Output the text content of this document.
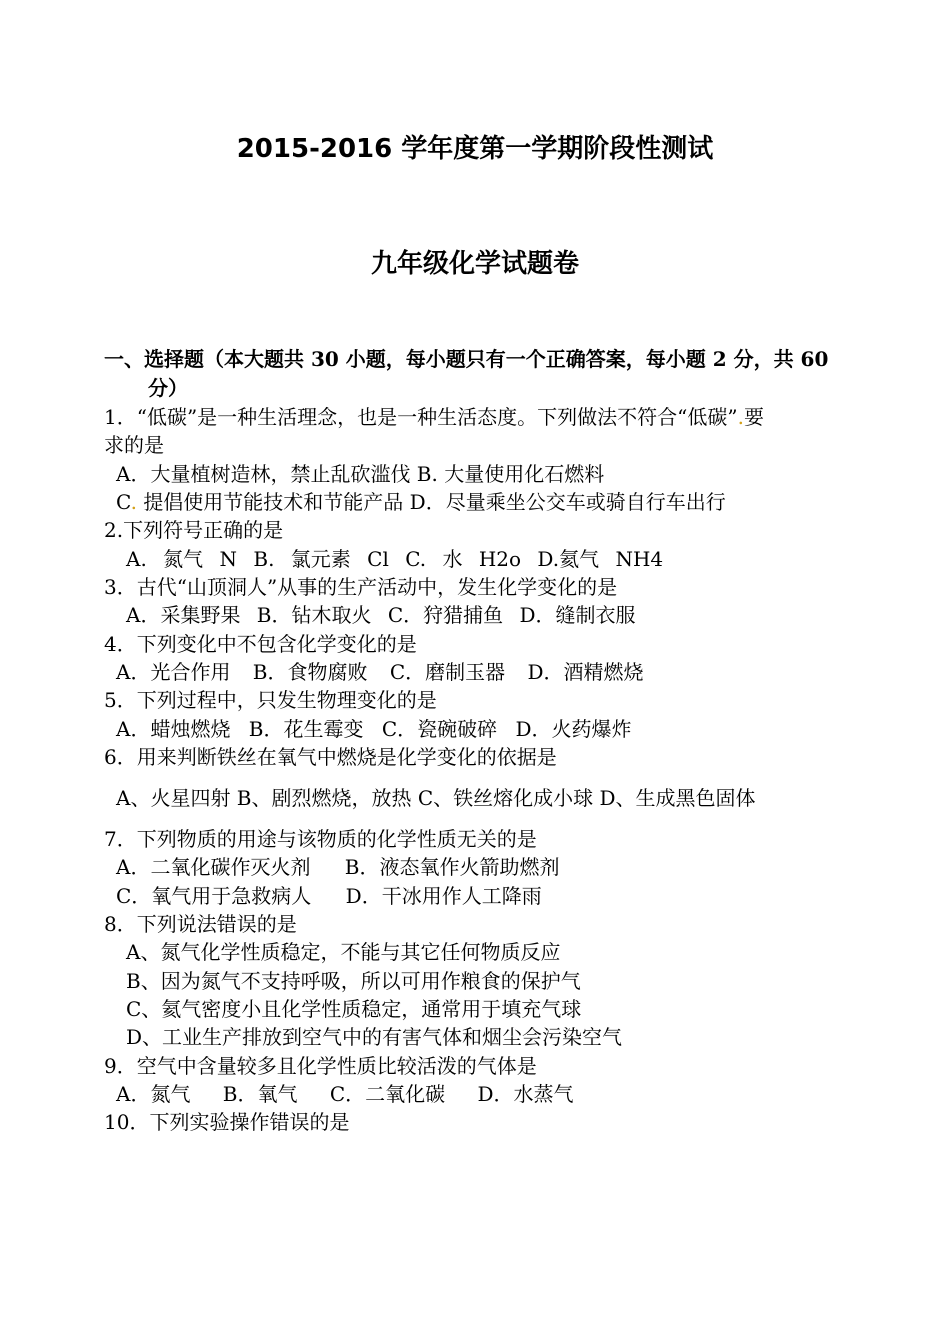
2015-2016 学年度第一学期阶段性测试
九年级化学试题卷

一、选择题（本大题共 30 小题，每小题只有一个正确答案，每小题 2 分，共 60

分）

1．“低碳”是一种生活理念，也是一种生活态度。下列做法不符合“低碳”.要

求的是

A．大量植树造林，禁止乱砍滥伐 B. 大量使用化石燃料

C. 提倡使用节能技术和节能产品 D．尽量乘坐公交车或骑自行车出行

2.下列符号正确的是

A. 氮气 N B. 氯元素 Cl C. 水 H2o D.氦气 NH4

3．古代“山顶洞人”从事的生产活动中，发生化学变化的是

A．采集野果 B．钻木取火 C．狩猎捕鱼 D．缝制衣服

4．下列变化中不包含化学变化的是

A．光合作用 B．食物腐败 C．磨制玉器 D．酒精燃烧

5．下列过程中，只发生物理变化的是

A．蜡烛燃烧 B．花生霉变 C．瓷碗破碎 D．火药爆炸

6．用来判断铁丝在氧气中燃烧是化学变化的依据是

A、火星四射 B、剧烈燃烧，放热 C、铁丝熔化成小球 D、生成黑色固体

7．下列物质的用途与该物质的化学性质无关的是

A．二氧化碳作灭火剂 B．液态氧作火箭助燃剂

C．氧气用于急救病人 D．干冰用作人工降雨

8．下列说法错误的是

A、氮气化学性质稳定，不能与其它任何物质反应

B、因为氮气不支持呼吸，所以可用作粮食的保护气

C、氦气密度小且化学性质稳定，通常用于填充气球

D、工业生产排放到空气中的有害气体和烟尘会污染空气

9．空气中含量较多且化学性质比较活泼的气体是

A．氮气 B．氧气 C．二氧化碳 D．水蒸气

10．下列实验操作错误的是
